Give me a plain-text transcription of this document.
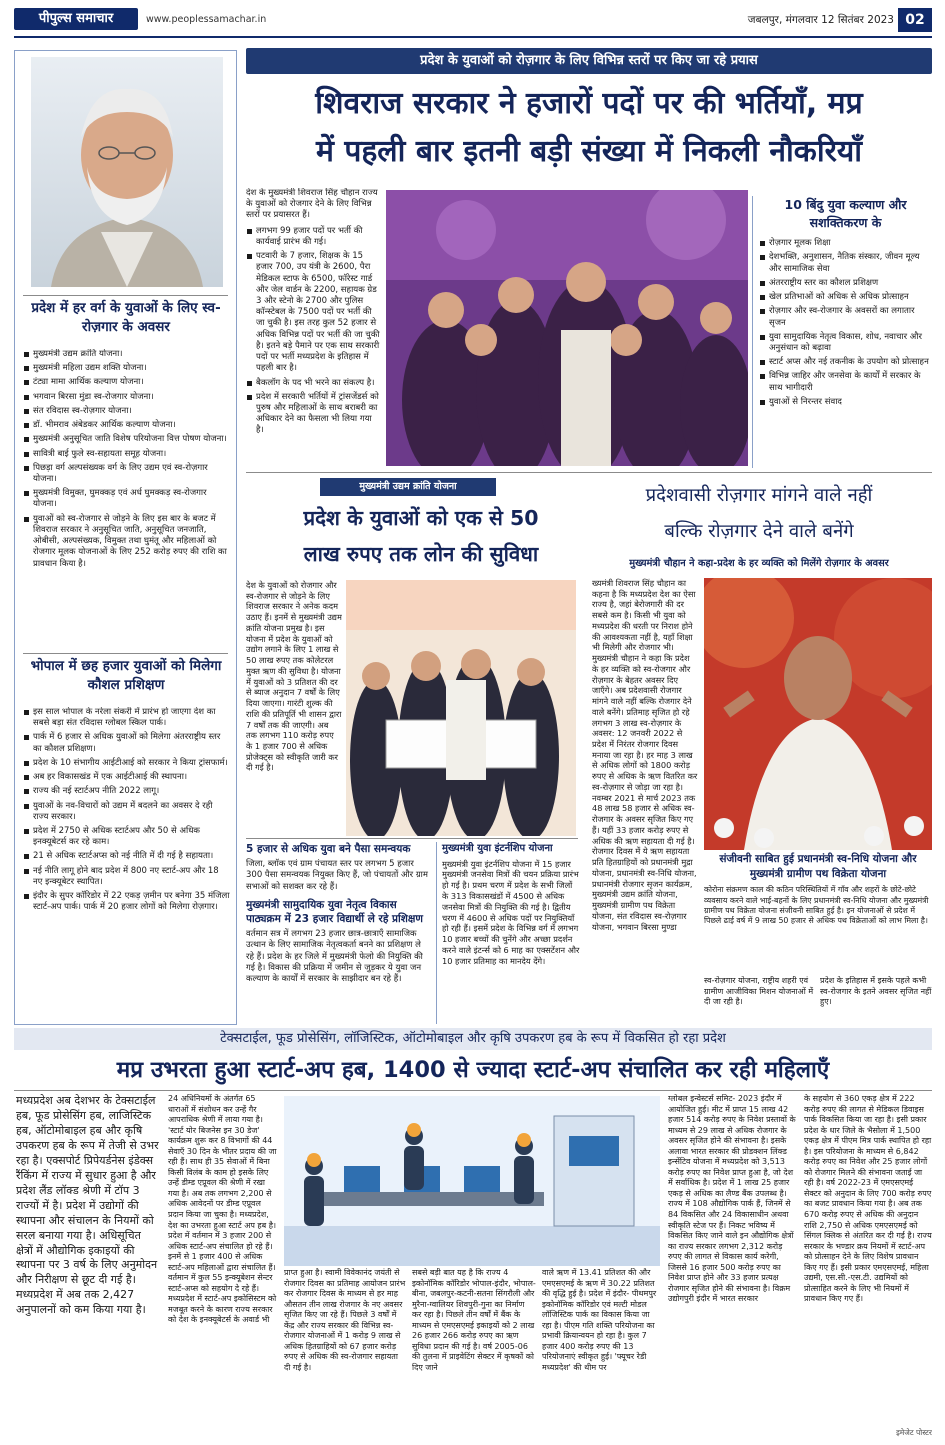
पीपुल्स समाचार	www.peoplessamachar.in	जबलपुर, मंगलवार 12 सितंबर 2023 02
प्रदेश में हर वर्ग के युवाओं के लिए स्व-रोज़गार के अवसर
मुख्यमंत्री उद्यम क्रांति योजना।
मुख्यमंत्री महिला उद्यम शक्ति योजना।
टंट्या मामा आर्थिक कल्याण योजना।
भगवान बिरसा मुंडा स्व-रोजगार योजना।
संत रविदास स्व-रोज़गार योजना।
डॉ. भीमराव अंबेडकर आर्थिक कल्याण योजना।
मुख्यमंत्री अनुसूचित जाति विशेष परियोजना वित्त पोषण योजना।
सावित्री बाई फुले स्व-सहायता समूह योजना।
पिछड़ा वर्ग अल्पसंख्यक वर्ग के लिए उद्यम एवं स्व-रोज़गार योजना।
मुख्यमंत्री विमुक्त, घुमक्कड़ एवं अर्ध घुमक्कड़ स्व-रोजगार योजना।
युवाओं को स्व-रोजगार से जोड़ने के लिए इस बार के बजट में शिवराज सरकार ने अनुसूचित जाति, अनुसूचित जनजाति, ओबीसी, अल्पसंख्यक, विमुक्त तथा घुमंतू और महिलाओं को रोजगार मूलक योजनाओं के लिए 252 करोड़ रुपए की राशि का प्रावधान किया है।
भोपाल में छह हजार युवाओं को मिलेगा कौशल प्रशिक्षण
इस साल भोपाल के नरेला संकरी में प्रारंभ हो जाएगा देश का सबसे बड़ा संत रविदास ग्लोबल स्किल पार्क।
पार्क में 6 हजार से अधिक युवाओं को मिलेगा अंतरराष्ट्रीय स्तर का कौशल प्रशिक्षण।
प्रदेश के 10 संभागीय आईटीआई को सरकार ने किया ट्रांसफार्म।
अब हर विकासखंड में एक आईटीआई की स्थापना।
राज्य की नई स्टार्टअप नीति 2022 लागू।
युवाओं के नव-विचारों को उद्यम में बदलने का अवसर दे रही राज्य सरकार।
प्रदेश में 2750 से अधिक स्टार्टअप और 50 से अधिक इनक्यूबेटर्स कर रहे काम।
21 से अधिक स्टार्टअप्स को नई नीति में दी गई है सहायता।
नई नीति लागू होने बाद प्रदेश में 800 नए स्टार्ट-अप और 18 नए इन्क्यूबेटर स्थापित।
इंदौर के सुपर कॉरिडोर में 22 एकड़ ज़मीन पर बनेगा 35 मंजिला स्टार्ट-अप पार्क। पार्क में 20 हजार लोगों को मिलेगा रोज़गार।
प्रदेश के युवाओं को रोज़गार के लिए विभिन्न स्तरों पर किए जा रहे प्रयास
शिवराज सरकार ने हजारों पदों पर की भर्तियाँ, मप्र
में पहली बार इतनी बड़ी संख्या में निकली नौकरियाँ

देश के मुख्यमंत्री शिवराज सिंह चौहान राज्य के युवाओं को रोजगार देने के लिए विभिन्न स्तरों पर प्रयासरत हैं।

लगभग 99 हजार पदों पर भर्ती की कार्यवाई प्रारंभ की गई।
पटवारी के 7 हजार, शिक्षक के 15 हजार 700, उप यंत्री के 2600, पैरा मेडिकल स्टाफ के 6500, फॉरेस्ट गार्ड और जेल वार्डन के 2200, सहायक ग्रेड 3 और स्टेनो के 2700 और पुलिस कॉन्स्टेबल के 7500 पदों पर भर्ती की जा चुकी है। इस तरह कुल 52 हजार से अधिक विभिन्न पदों पर भर्ती की जा चुकी है। इतने बड़े पैमाने पर एक साथ सरकारी पदों पर भर्ती मध्यप्रदेश के इतिहास में पहली बार है।
बैकलॉग के पद भी भरने का संकल्प है।
प्रदेश में सरकारी भर्तियों में ट्रांसजेंडर्स को पुरुष और महिलाओं के साथ बराबरी का अधिकार देने का फैसला भी लिया गया है।
10 बिंदु युवा कल्याण और सशक्तिकरण के
रोज़गार मूलक शिक्षा
देशभक्ति, अनुशासन, नैतिक संस्कार, जीवन मूल्य और सामाजिक सेवा
अंतरराष्ट्रीय स्तर का कौशल प्रशिक्षण
खेल प्रतिभाओं को अधिक से अधिक प्रोत्साहन
रोज़गार और स्व-रोजगार के अवसरों का लगातार सृजन
युवा सामुदायिक नेतृत्व विकास, शोध, नवाचार और अनुसंधान को बढ़ावा
स्टार्ट अप्स और नई तकनीक के उपयोग को प्रोत्साहन
विभिन्न जाहिर और जनसेवा के कार्यों में सरकार के साथ भागीदारी
युवाओं से निरन्तर संवाद
मुख्यमंत्री उद्यम क्रांति योजना
प्रदेश के युवाओं को एक से 50
लाख रुपए तक लोन की सुविधा

देश के युवाओं को रोजगार और स्व-रोजगार से जोड़ने के लिए शिवराज सरकार ने अनेक कदम उठाए हैं। इनमें से मुख्यमंत्री उद्यम क्रांति योजना प्रमुख है। इस योजना में प्रदेश के युवाओं को उद्योग लगाने के लिए 1 लाख से 50 लाख रुपए तक कोलेटरल मुक्त ऋण की सुविधा है। योजना में युवाओं को 3 प्रतिशत की दर से ब्याज अनुदान 7 वर्षों के लिए दिया जाएगा। गारंटी शुल्क की राशि की प्रतिपूर्ति भी शासन द्वारा 7 वर्षों तक की जाएगी। अब तक लगभग 110 करोड़ रुपए के 1 हजार 700 से अधिक प्रोजेक्ट्स को स्वीकृति जारी कर दी गई है।

5 हजार से अधिक युवा बने पैसा समन्वयक

जिला, ब्लॉक एवं ग्राम पंचायत स्तर पर लगभग 5 हजार 300 पैसा समन्वयक नियुक्त किए हैं, जो पंचायतों और ग्राम सभाओं को सशक्त कर रहे हैं।

मुख्यमंत्री सामुदायिक युवा नेतृत्व विकास पाठ्यक्रम में 23 हजार विद्यार्थी ले रहे प्रशिक्षण

वर्तमान सत्र में लगभग 23 हजार छात्र-छात्राएँ सामाजिक उत्थान के लिए सामाजिक नेतृत्वकर्ता बनने का प्रशिक्षण ले रहे हैं। प्रदेश के हर जिले में मुख्यमंत्री फेलो की नियुक्ति की गई है। विकास की प्रक्रिया में जमीन से जुड़कर ये युवा जन कल्याण के कार्यों में सरकार के साझीदार बन रहे हैं।

मुख्यमंत्री युवा इंटर्नशिप योजना

मुख्यमंत्री युवा इंटर्नशिप योजना में 15 हजार मुख्यमंत्री जनसेवा मित्रों की चयन प्रक्रिया प्रारंभ हो गई है। प्रथम चरण में प्रदेश के सभी जिलों के 313 विकासखंडों में 4500 से अधिक जनसेवा मित्रों की नियुक्ति की गई है। द्वितीय चरण में 4600 से अधिक पदों पर नियुक्तियाँ हो रही हैं। इसमें प्रदेश के विभिन्न वर्ग में लगभग 10 हजार बच्चों की चुनेंगे और अच्छा प्रदर्शन करने वाले इंटर्न्स को 6 माह का एक्सटेंशन और 10 हजार प्रतिमाह का मानदेय देंगे।

प्रदेशवासी रोज़गार मांगने वाले नहीं
बल्कि रोज़गार देने वाले बनेंगे
मुख्यमंत्री चौहान ने कहा-प्रदेश के हर व्यक्ति को मिलेंगे रोज़गार के अवसर

ख्यमंत्री शिवराज सिंह चौहान का कहना है कि मध्यप्रदेश देश का ऐसा राज्य है, जहां बेरोजगारी की दर सबसे कम है। किसी भी युवा को मध्यप्रदेश की धरती पर निराश होने की आवश्यकता नहीं है, यहाँ शिक्षा भी मिलेगी और रोजगार भी। मुख्यमंत्री चौहान ने कहा कि प्रदेश के हर व्यक्ति को स्व-रोजगार और रोज़गार के बेहतर अवसर दिए जाएँगे। अब प्रदेशवासी रोजगार मांगने वाले नहीं बल्कि रोजगार देने वाले बनेंगे। प्रतिमाह सृजित हो रहे लगभग 3 लाख स्व-रोज़गार के अवसर: 12 जनवरी 2022 से प्रदेश में निरंतर रोजगार दिवस मनाया जा रहा है। हर माह 3 लाख से अधिक लोगों को 1800 करोड़ रुपए से अधिक के ऋण वितरित कर स्व-रोज़गार से जोड़ा जा रहा है। नवम्बर 2021 से मार्च 2023 तक 48 लाख 58 हजार से अधिक स्व-रोजगार के अवसर सृजित किए गए हैं। यहीं 33 हजार करोड़ रुपए से अधिक की ऋण सहायता दी गई है। रोजगार दिवस में ये ऋण सहायता प्रति हितग्राहियों को प्रधानमंत्री मुद्रा योजना, प्रधानमंत्री स्व-निधि योजना, प्रधानमंत्री रोजगार सृजन कार्यक्रम, मुख्यमंत्री उद्यम क्रांति योजना, मुख्यमंत्री ग्रामीण पथ विक्रेता योजना, संत रविदास स्व-रोज़गार योजना, भगवान बिरसा मुण्डा

संजीवनी साबित हुई प्रधानमंत्री स्व-निधि योजना और मुख्यमंत्री ग्रामीण पथ विक्रेता योजना

कोरोना संक्रमण काल की कठिन परिस्थितियों में गाँव और शहरों के छोटे-छोटे व्यवसाय करने वाले भाई-बहनों के लिए प्रधानमंत्री स्व-निधि योजना और मुख्यमंत्री ग्रामीण पथ विक्रेता योजना संजीवनी साबित हुई है। इन योजनाओं से प्रदेश में पिछले ढाई वर्ष में 9 लाख 50 हजार से अधिक पथ विक्रेताओं को लाभ मिला है।

स्व-रोज़गार योजना, राष्ट्रीय शहरी एवं ग्रामीण आजीविका मिशन योजनाओं में दी जा रही है।

प्रदेश के इतिहास में इसके पहले कभी स्व-रोजगार के इतने अवसर सृजित नहीं हुए।

टेक्सटाईल, फूड प्रोसेसिंग, लॉजिस्टिक, ऑटोमोबाइल और कृषि उपकरण हब के रूप में विकसित हो रहा प्रदेश
मप्र उभरता हुआ स्टार्ट-अप हब, 1400 से ज्यादा स्टार्ट-अप संचालित कर रही महिलाएँ

मध्यप्रदेश अब देशभर के टेक्सटाईल हब, फूड प्रोसेसिंग हब, लाजिस्टिक हब, ऑटोमोबाइल हब और कृषि उपकरण हब के रूप में तेजी से उभर रहा है। एक्सपोर्ट प्रिपेयर्डनेस इंडेक्स रैंकिंग में राज्य में सुधार हुआ है और प्रदेश लैंड लॉक्ड श्रेणी में टॉप 3 राज्यों में है। प्रदेश में उद्योगों की स्थापना और संचालन के नियमों को सरल बनाया गया है। अधिसूचित क्षेत्रों में औद्योगिक इकाइयों की स्थापना पर 3 वर्ष के लिए अनुमोदन और निरीक्षण से छूट दी गई है। मध्यप्रदेश में अब तक 2,427 अनुपालनों को कम किया गया है।

24 अधिनियमों के अंतर्गत 65 धाराओं में संशोधन कर उन्हें गैर आपराधिक श्रेणी में लाया गया है। 'स्टार्ट योर बिजनेस इन 30 डेज' कार्यक्रम शुरू कर 8 विभागों की 44 सेवाएँ 30 दिन के भीतर प्रदाय की जा रही हैं। साथ ही 35 सेवाओं में बिना किसी विलंब के काम हो इसके लिए उन्हें डीम्ड एप्रूवल की श्रेणी में रखा गया है। अब तक लगभग 2,200 से अधिक आवेदनों पर डीम्ड एप्रूवल प्रदान किया जा चुका है। मध्यप्रदेश, देश का उभरता हुआ स्टार्ट अप हब है। प्रदेश में वर्तमान में 3 हजार 200 से अधिक स्टार्ट-अप संचालित हो रहे हैं। इनमें से 1 हजार 400 से अधिक स्टार्ट-अप महिलाओं द्वारा संचालित हैं। वर्तमान में कुल 55 इन्क्यूबेशन सेन्टर स्टार्ट-अप्स को सहयोग दे रहे हैं। मध्यप्रदेश में स्टार्ट-अप इकोसिस्टम को मजबूत करने के कारण राज्य सरकार को देश के इनक्यूबेटर्स के अवार्ड भी

प्राप्त हुआ है। स्वामी विवेकानंद जयंती से रोजगार दिवस का प्रतिमाह आयोजन प्रारंभ कर रोजगार दिवस के माध्यम से हर माह औसतन तीन लाख रोजगार के नए अवसर सृजित किए जा रहे हैं। पिछले 3 वर्षों में केंद्र और राज्य सरकार की विभिन्न स्व-रोजगार योजनाओं में 1 करोड़ 9 लाख से अधिक हितग्राहियों को 67 हजार करोड़ रुपए से अधिक की स्व-रोजगार सहायता दी गई है।

सबसे बड़ी बात यह है कि राज्य 4 इकोनॉमिक कॉरिडोर भोपाल-इंदौर, भोपाल-बीना, जबलपुर-कटनी-सतना सिंगरौली और मुरैना-ग्वालियर शिवपुरी-गुना का निर्माण कर रहा है। पिछले तीन वर्षों में बैंक के माध्यम से एमएसएमई इकाइयों को 2 लाख 26 हजार 266 करोड़ रुपए का ऋण सुविधा प्रदान की गई है। वर्ष 2005-06 की तुलना में प्राइवेटिंग सेक्टर में कृषकों को दिए जाने

वाले ऋण में 13.41 प्रतिशत की और एमएसएमई के ऋण में 30.22 प्रतिशत की वृद्धि हुई है। प्रदेश में इंदौर- पीथमपुर इकोनॉमिक कॉरिडोर एवं मल्टी मोडल लॉजिस्टिक पार्क का विकास किया जा रहा है। पीएम गति शक्ति परियोजना का प्रभावी क्रियान्वयन हो रहा है। कुल 7 हजार 400 करोड़ रुपए की 13 परियोजनाएं स्वीकृत हुई। 'फ्यूचर रेडी मध्यप्रदेश' की थीम पर

ग्लोबल इन्वेस्टर्स समिट- 2023 इंदौर में आयोजित हुई। मीट में प्राप्त 15 लाख 42 हजार 514 करोड़ रुपए के निवेश प्रस्तावों के माध्यम से 29 लाख से अधिक रोजगार के अवसर सृजित होने की संभावना है। इसके अलावा भारत सरकार की प्रोडक्शन लिंक्ड इन्सेंटिव योजना में मध्यप्रदेश को 3,513 करोड़ रुपए का निवेश प्राप्त हुआ है, जो देश में सर्वाधिक है। प्रदेश में 1 लाख 25 हजार एकड़ से अधिक का लैण्ड बैंक उपलब्ध है। राज्य में 108 औद्योगिक पार्क हैं, जिनमें से 84 विकसित और 24 विकासाधीन अथवा स्वीकृति स्टेज पर हैं। निकट भविष्य में विकसित किए जाने वाले इन औद्योगिक क्षेत्रों का राज्य सरकार लगभग 2,312 करोड़ रुपए की लागत से विकास कार्य करेगी, जिससे 16 हजार 500 करोड़ रुपए का निवेश प्राप्त होने और 33 हजार प्रत्यक्ष रोजगार सृजित होने की संभावना है। विक्रम उद्योगपुरी इंदौर में भारत सरकार

के सहयोग से 360 एकड़ क्षेत्र में 222 करोड़ रुपए की लागत से मेडिकल डिवाइस पार्क विकसित किया जा रहा है। इसी प्रकार प्रदेश के धार जिले के भैसोला में 1,500 एकड़ क्षेत्र में पीएम मित्र पार्क स्थापित हो रहा है। इस परियोजना के माध्यम से 6,842 करोड़ रुपए का निवेश और 25 हजार लोगों को रोजगार मिलने की संभावना जताई जा रही है। वर्ष 2022-23 में एमएसएमई सेक्टर को अनुदान के लिए 700 करोड़ रुपए का बजट प्रावधान किया गया है। अब तक 670 करोड़ रुपए से अधिक की अनुदान राशि 2,750 से अधिक एमएसएमई को सिंगल क्लिक से अंतरित कर दी गई है। राज्य सरकार के भण्डार क्रय नियमों में स्टार्ट-अप को प्रोत्साहन देने के लिए विशेष प्रावधान किए गए हैं। इसी प्रकार एमएसएमई, महिला उद्यमी, एस.सी.-एस.टी. उद्यमियों को प्रोत्साहित करने के लिए भी नियमों में प्रावधान किए गए हैं।

इमेजेट पोस्टर
